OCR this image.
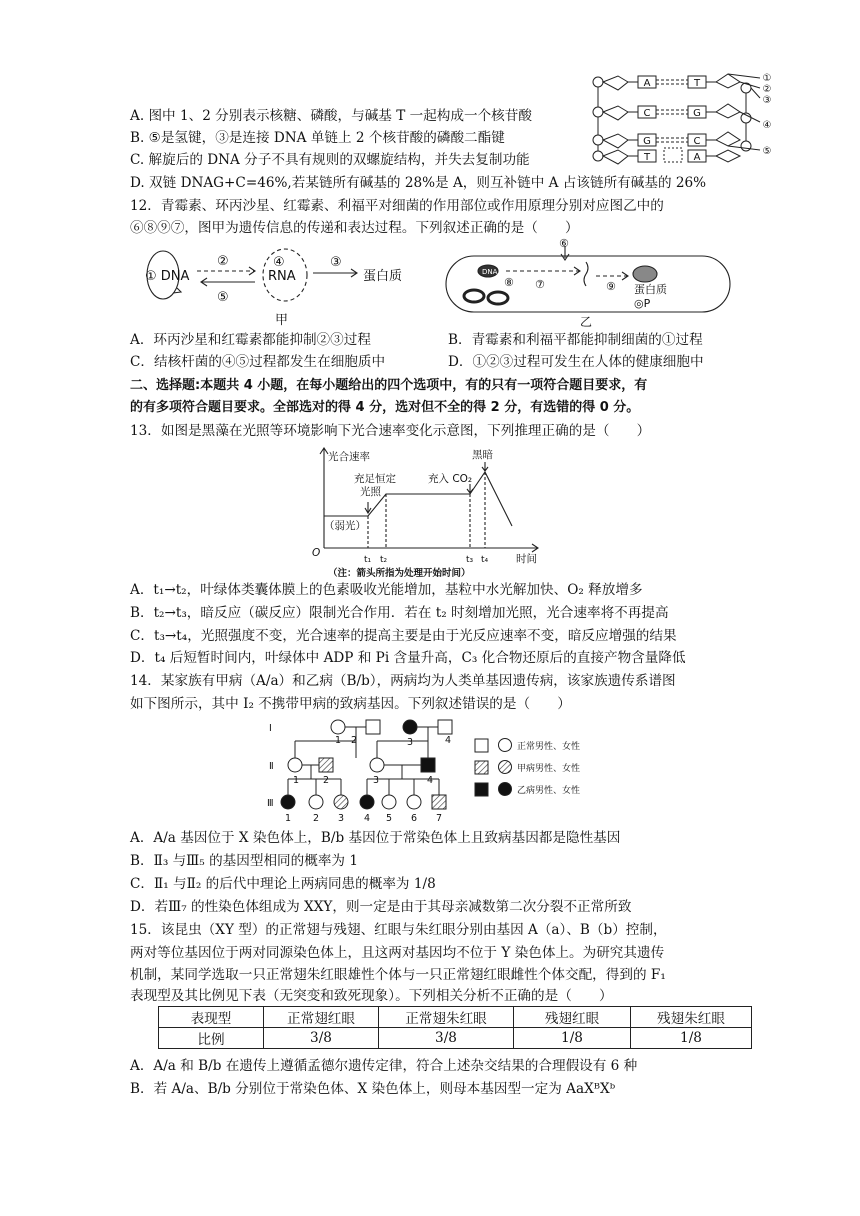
A. 图中 1、2 分别表示核糖、磷酸，与碱基 T 一起构成一个核苷酸
B. ⑤是氢键，③是连接 DNA 单链上 2 个核苷酸的磷酸二酯键
C. 解旋后的 DNA 分子不具有规则的双螺旋结构，并失去复制功能
D. 双链 DNAG+C=46%,若某链所有碱基的 28%是 A，则互补链中 A 占该链所有碱基的 26%
A
C
G
T
T
G
C
A
①
②
③
④
⑤
12．青霉素、环丙沙星、红霉素、利福平对细菌的作用部位或作用原理分别对应图乙中的
⑥⑧⑨⑦，图甲为遗传信息的传递和表达过程。下列叙述正确的是（　　）
① DNA	RNA	蛋白质
②
⑤
④	③
甲
⑥
DNA
⑧ ⑦	⑨ 蛋白质
◎P
乙
A．环丙沙星和红霉素都能抑制②③过程	B．青霉素和利福平都能抑制细菌的①过程
C．结核杆菌的④⑤过程都发生在细胞质中	D．①②③过程可发生在人体的健康细胞中
二、选择题:本题共 4 小题，在每小题给出的四个选项中，有的只有一项符合题目要求，有
的有多项符合题目要求。全部选对的得 4 分，选对但不全的得 2 分，有选错的得 0 分。
13．如图是黑藻在光照等环境影响下光合速率变化示意图，下列推理正确的是（　　）
光合速率
充足恒定
光照
充入 CO₂
黑暗
（弱光）
O	时间
t₁ t₂	t₃ t₄
（注：箭头所指为处理开始时间）
A．t₁→t₂，叶绿体类囊体膜上的色素吸收光能增加，基粒中水光解加快、O₂ 释放增多
B．t₂→t₃，暗反应（碳反应）限制光合作用．若在 t₂ 时刻增加光照，光合速率将不再提高
C．t₃→t₄，光照强度不变，光合速率的提高主要是由于光反应速率不变，暗反应增强的结果
D．t₄ 后短暂时间内，叶绿体中 ADP 和 Pi 含量升高，C₃ 化合物还原后的直接产物含量降低
14．某家族有甲病（A/a）和乙病（B/b），两病均为人类单基因遗传病，该家族遗传系谱图
如下图所示，其中 I₂ 不携带甲病的致病基因。下列叙述错误的是（　　）
Ⅰ
Ⅱ
Ⅲ
2
1	3	4
1	2	3	4
1 2 3 4 5 6 7
正常男性、女性
甲病男性、女性
乙病男性、女性
A．A/a 基因位于 X 染色体上，B/b 基因位于常染色体上且致病基因都是隐性基因
B．Ⅱ₃ 与Ⅲ₅ 的基因型相同的概率为 1
C．Ⅱ₁ 与Ⅱ₂ 的后代中理论上两病同患的概率为 1/8
D．若Ⅲ₇ 的性染色体组成为 XXY，则一定是由于其母亲减数第二次分裂不正常所致
15．该昆虫（XY 型）的正常翅与残翅、红眼与朱红眼分别由基因 A（a）、B（b）控制，
两对等位基因位于两对同源染色体上，且这两对基因均不位于 Y 染色体上。为研究其遗传
机制，某同学选取一只正常翅朱红眼雄性个体与一只正常翅红眼雌性个体交配，得到的 F₁
表现型及其比例见下表（无突变和致死现象）。下列相关分析不正确的是（　　）
表现型	正常翅红眼	正常翅朱红眼	残翅红眼	残翅朱红眼
比例	3/8	3/8	1/8	1/8
A．A/a 和 B/b 在遗传上遵循孟德尔遗传定律，符合上述杂交结果的合理假设有 6 种
B．若 A/a、B/b 分别位于常染色体、X 染色体上，则母本基因型一定为 AaXᴮXᵇ
